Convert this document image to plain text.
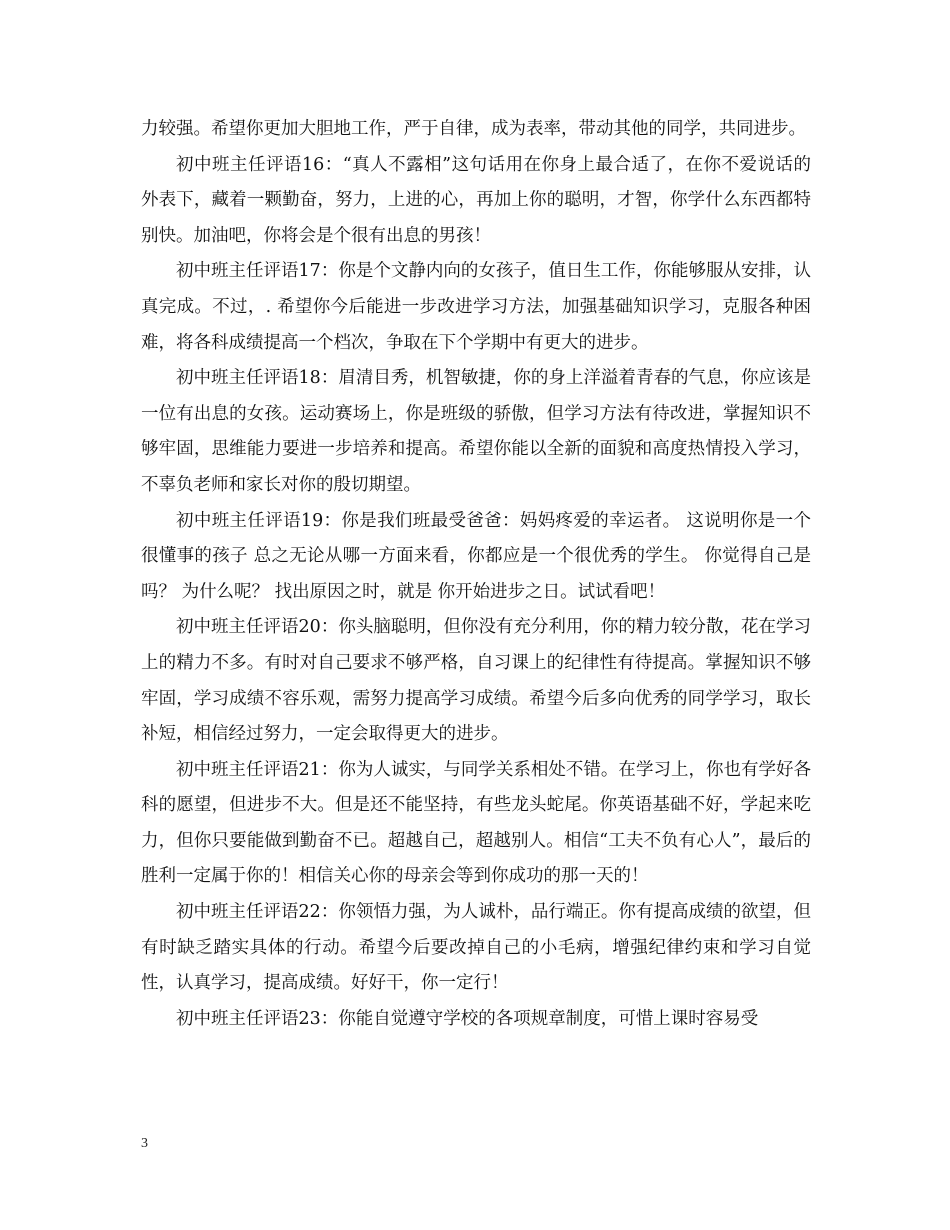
力较强。希望你更加大胆地工作，严于自律，成为表率，带动其他的同学，共同进步。

初中班主任评语16：“真人不露相”这句话用在你身上最合适了，在你不爱说话的外表下，藏着一颗勤奋，努力，上进的心，再加上你的聪明，才智，你学什么东西都特别快。加油吧，你将会是个很有出息的男孩！

初中班主任评语17：你是个文静内向的女孩子，值日生工作，你能够服从安排，认真完成。不过，. 希望你今后能进一步改进学习方法，加强基础知识学习，克服各种困难，将各科成绩提高一个档次，争取在下个学期中有更大的进步。

初中班主任评语18：眉清目秀，机智敏捷，你的身上洋溢着青春的气息，你应该是一位有出息的女孩。运动赛场上，你是班级的骄傲，但学习方法有待改进，掌握知识不够牢固，思维能力要进一步培养和提高。希望你能以全新的面貌和高度热情投入学习，不辜负老师和家长对你的殷切期望。

初中班主任评语19：你是我们班最受爸爸：妈妈疼爱的幸运者。 这说明你是一个很懂事的孩子 总之无论从哪一方面来看，你都应是一个很优秀的学生。 你觉得自己是吗？ 为什么呢？ 找出原因之时，就是 你开始进步之日。试试看吧！

初中班主任评语20：你头脑聪明，但你没有充分利用，你的精力较分散，花在学习上的精力不多。有时对自己要求不够严格，自习课上的纪律性有待提高。掌握知识不够牢固，学习成绩不容乐观，需努力提高学习成绩。希望今后多向优秀的同学学习，取长补短，相信经过努力，一定会取得更大的进步。

初中班主任评语21：你为人诚实，与同学关系相处不错。在学习上，你也有学好各科的愿望，但进步不大。但是还不能坚持，有些龙头蛇尾。你英语基础不好，学起来吃力，但你只要能做到勤奋不已。超越自己，超越别人。相信“工夫不负有心人”，最后的胜利一定属于你的！相信关心你的母亲会等到你成功的那一天的！

初中班主任评语22：你领悟力强，为人诚朴，品行端正。你有提高成绩的欲望，但有时缺乏踏实具体的行动。希望今后要改掉自己的小毛病，增强纪律约束和学习自觉性，认真学习，提高成绩。好好干，你一定行！

初中班主任评语23：你能自觉遵守学校的各项规章制度，可惜上课时容易受

3
